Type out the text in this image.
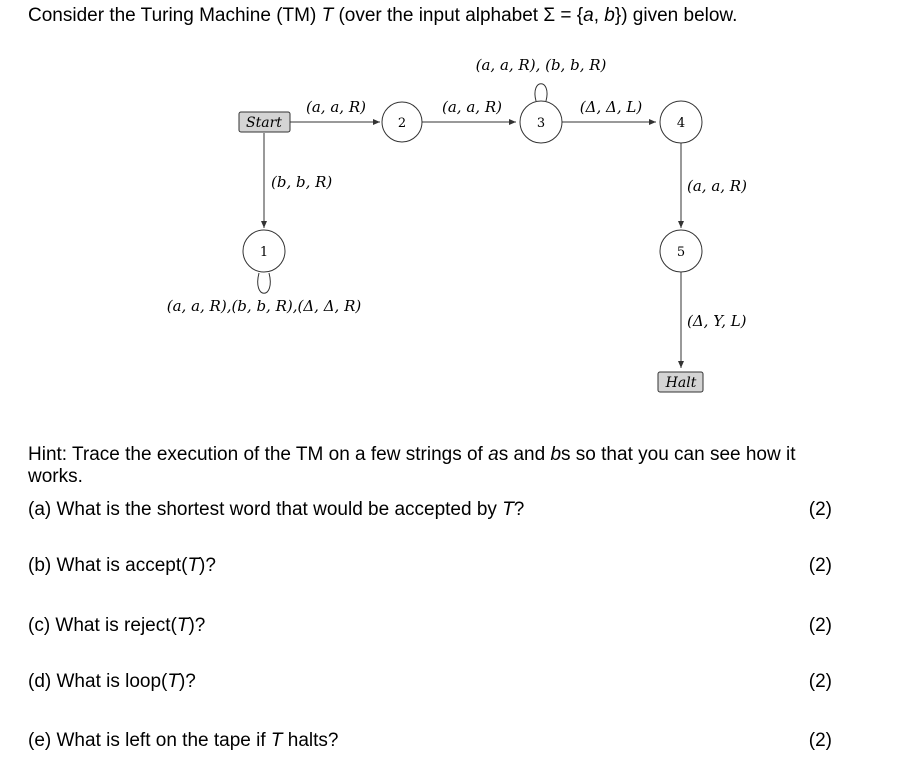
Consider the Turing Machine (TM) T (over the input alphabet Σ = {a, b}) given below.
Start
Halt
2	3	4
1	5
(a, a, R)	(a, a, R)
(a, a, R), (b, b, R)
(Δ, Δ, L)
(b, b, R)
(a, a, R),(b, b, R),(Δ, Δ, R)
(a, a, R)
(Δ, Y, L)
Hint: Trace the execution of the TM on a few strings of as and bs so that you can see how it works.
(a) What is the shortest word that would be accepted by T?	(2)
(b) What is accept(T)?	(2)
(c) What is reject(T)?	(2)
(d) What is loop(T)?	(2)
(e) What is left on the tape if T halts?	(2)
